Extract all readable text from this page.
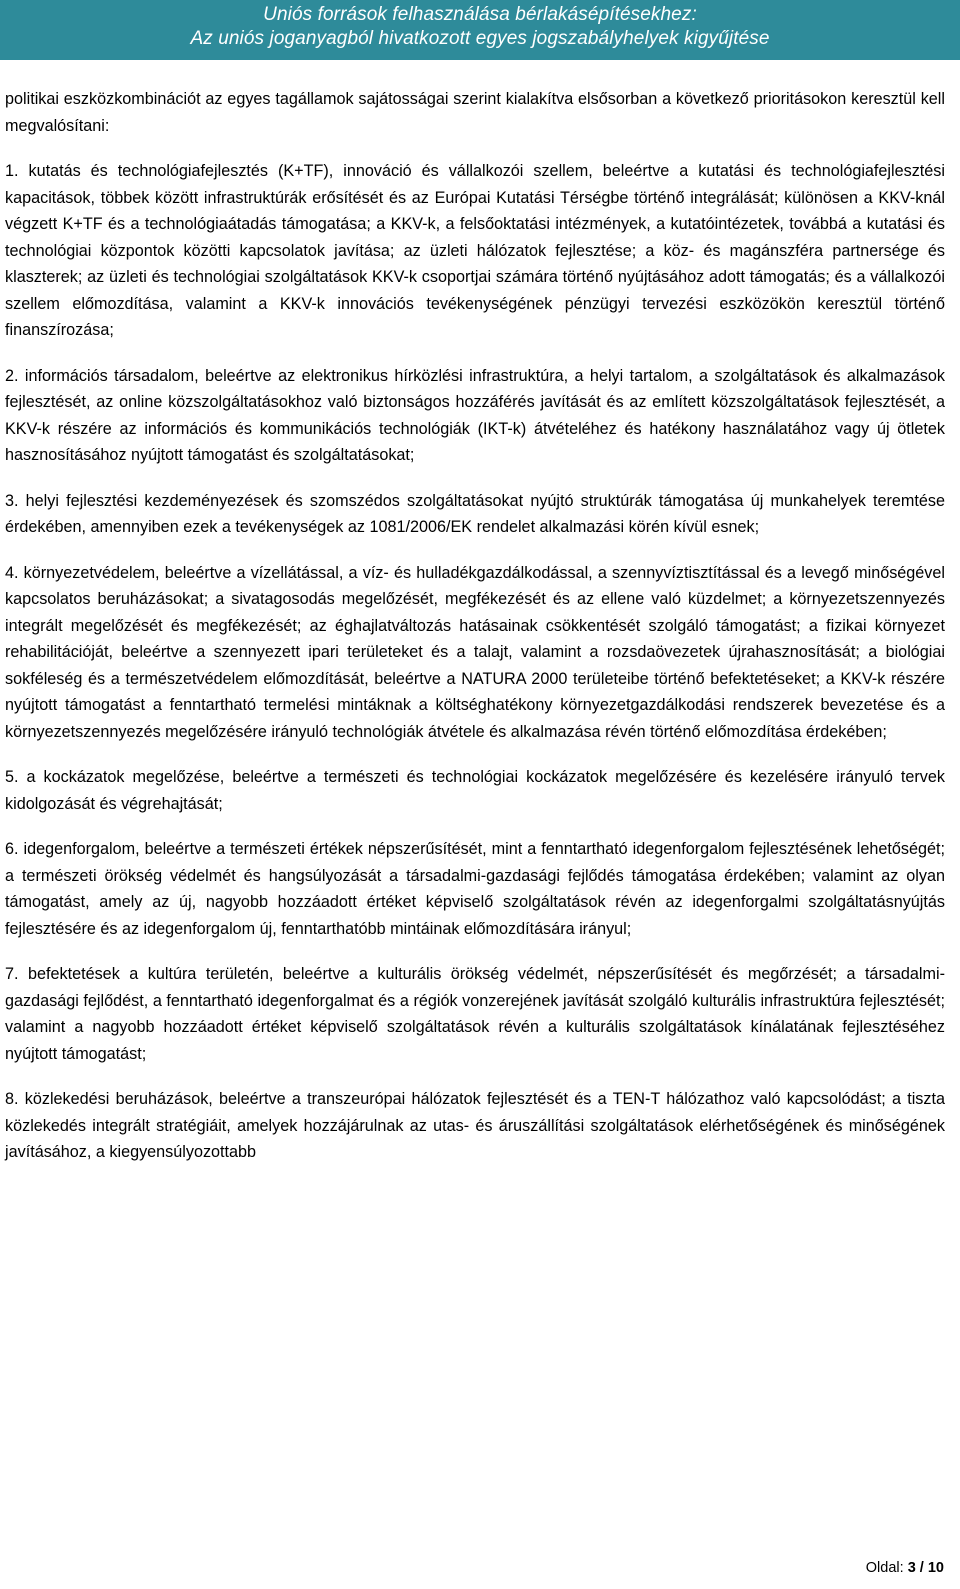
Uniós források felhasználása bérlakásépítésekhez:
Az uniós joganyagból hivatkozott egyes jogszabályhelyek kigyűjtése

politikai eszközkombinációt az egyes tagállamok sajátosságai szerint kialakítva elsősorban a következő prioritásokon keresztül kell megvalósítani:

1. kutatás és technológiafejlesztés (K+TF), innováció és vállalkozói szellem, beleértve a kutatási és technológiafejlesztési kapacitások, többek között infrastruktúrák erősítését és az Európai Kutatási Térségbe történő integrálását; különösen a KKV-knál végzett K+TF és a technológiaátadás támogatása; a KKV-k, a felsőoktatási intézmények, a kutatóintézetek, továbbá a kutatási és technológiai központok közötti kapcsolatok javítása; az üzleti hálózatok fejlesztése; a köz- és magánszféra partnersége és klaszterek; az üzleti és technológiai szolgáltatások KKV-k csoportjai számára történő nyújtásához adott támogatás; és a vállalkozói szellem előmozdítása, valamint a KKV-k innovációs tevékenységének pénzügyi tervezési eszközökön keresztül történő finanszírozása;

2. információs társadalom, beleértve az elektronikus hírközlési infrastruktúra, a helyi tartalom, a szolgáltatások és alkalmazások fejlesztését, az online közszolgáltatásokhoz való biztonságos hozzáférés javítását és az említett közszolgáltatások fejlesztését, a KKV-k részére az információs és kommunikációs technológiák (IKT-k) átvételéhez és hatékony használatához vagy új ötletek hasznosításához nyújtott támogatást és szolgáltatásokat;

3. helyi fejlesztési kezdeményezések és szomszédos szolgáltatásokat nyújtó struktúrák támogatása új munkahelyek teremtése érdekében, amennyiben ezek a tevékenységek az 1081/2006/EK rendelet alkalmazási körén kívül esnek;

4. környezetvédelem, beleértve a vízellátással, a víz- és hulladékgazdálkodással, a szennyvíztisztítással és a levegő minőségével kapcsolatos beruházásokat; a sivatagosodás megelőzését, megfékezését és az ellene való küzdelmet; a környezetszennyezés integrált megelőzését és megfékezését; az éghajlatváltozás hatásainak csökkentését szolgáló támogatást; a fizikai környezet rehabilitációját, beleértve a szennyezett ipari területeket és a talajt, valamint a rozsdaövezetek újrahasznosítását; a biológiai sokféleség és a természetvédelem előmozdítását, beleértve a NATURA 2000 területeibe történő befektetéseket; a KKV-k részére nyújtott támogatást a fenntartható termelési mintáknak a költséghatékony környezetgazdálkodási rendszerek bevezetése és a környezetszennyezés megelőzésére irányuló technológiák átvétele és alkalmazása révén történő előmozdítása érdekében;

5. a kockázatok megelőzése, beleértve a természeti és technológiai kockázatok megelőzésére és kezelésére irányuló tervek kidolgozását és végrehajtását;

6. idegenforgalom, beleértve a természeti értékek népszerűsítését, mint a fenntartható idegenforgalom fejlesztésének lehetőségét; a természeti örökség védelmét és hangsúlyozását a társadalmi-gazdasági fejlődés támogatása érdekében; valamint az olyan támogatást, amely az új, nagyobb hozzáadott értéket képviselő szolgáltatások révén az idegenforgalmi szolgáltatásnyújtás fejlesztésére és az idegenforgalom új, fenntarthatóbb mintáinak előmozdítására irányul;

7. befektetések a kultúra területén, beleértve a kulturális örökség védelmét, népszerűsítését és megőrzését; a társadalmi-gazdasági fejlődést, a fenntartható idegenforgalmat és a régiók vonzerejének javítását szolgáló kulturális infrastruktúra fejlesztését; valamint a nagyobb hozzáadott értéket képviselő szolgáltatások révén a kulturális szolgáltatások kínálatának fejlesztéséhez nyújtott támogatást;

8. közlekedési beruházások, beleértve a transzeurópai hálózatok fejlesztését és a TEN-T hálózathoz való kapcsolódást; a tiszta közlekedés integrált stratégiáit, amelyek hozzájárulnak az utas- és áruszállítási szolgáltatások elérhetőségének és minőségének javításához, a kiegyensúlyozottabb

Oldal: 3 / 10
